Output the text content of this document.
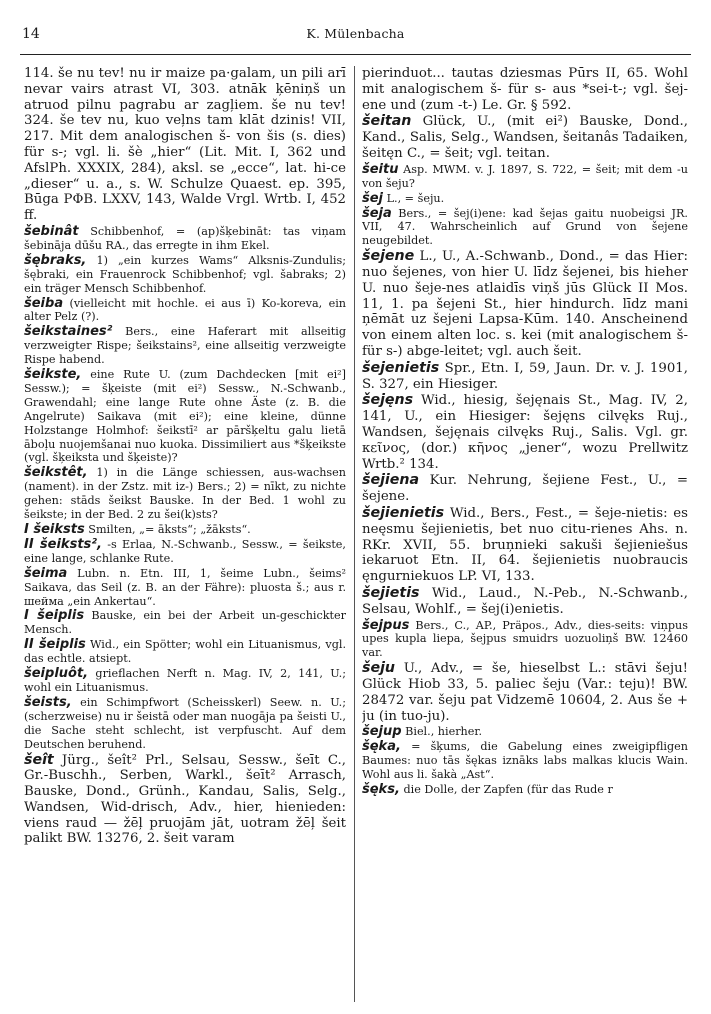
14	K. Mülenbacha

114. še nu tev! nu ir maize pa·galam, un pili arī nevar vairs atrast VI, 303. atnāk ķēniņš un atruod pilnu pagrabu ar zagļiem. še nu tev! 324. še tev nu, kuo veļns tam klāt dzinis! VII, 217. Mit dem analogischen š- von šis (s. dies) für s-; vgl. li. šè „hier“ (Lit. Mit. I, 362 und AfslPh. XXXIX, 284), aksl. se „ecce“, lat. hi-ce „dieser“ u. a., s. W. Schulze Quaest. ep. 395, Būga PΦB. LXXV, 143, Walde Vrgl. Wrtb. I, 452 ff.

šebinât Schibbenhof, = (ap)šķebināt: tas viņam šebināja dūšu RA., das erregte in ihm Ekel.

šębraks, 1) „ein kurzes Wams“ Alksnis-Zundulis; šębraki, ein Frauenrock Schibbenhof; vgl. šabraks; 2) ein träger Mensch Schibbenhof.

šeiba (vielleicht mit hochle. ei aus ī) Ko-koreva, ein alter Pelz (?).

šeikstaines² Bers., eine Haferart mit allseitig verzweigter Rispe; šeikstains², eine allseitig verzweigte Rispe habend.

šeikste, eine Rute U. (zum Dachdecken [mit ei²] Sessw.); = šķeiste (mit ei²) Sessw., N.-Schwanb., Grawendahl; eine lange Rute ohne Äste (z. B. die Angelrute) Saikava (mit ei²); eine kleine, dünne Holzstange Holmhof: šeikstī² ar pāršķeltu galu lietā āboļu nuojemšanai nuo kuoka. Dissimiliert aus *šķeikste (vgl. šķeiksta und šķeiste)?

šeikstêt, 1) in die Länge schiessen, aus-wachsen (nament). in der Zstz. mit iz-) Bers.; 2) = nīkt, zu nichte gehen: stāds šeikst Bauske. In der Bed. 1 wohl zu šeikste; in der Bed. 2 zu šei(k)sts?

I šeiksts Smilten, „= āksts“; „žāksts“.

II šeiksts², -s Erlaa, N.-Schwanb., Sessw., = šeikste, eine lange, schlanke Rute.

šeima Lubn. n. Etn. III, 1, šeime Lubn., šeims² Saikava, das Seil (z. B. an der Fähre): pluosta š.; aus r. шейма „ein Ankertau“.

I šeiplis Bauske, ein bei der Arbeit un-geschickter Mensch.

II šeiplis Wid., ein Spötter; wohl ein Lituanismus, vgl. das echtle. atsiept.

šeipluôt, grieflachen Nerft n. Mag. IV, 2, 141, U.; wohl ein Lituanismus.

šeists, ein Schimpfwort (Scheisskerl) Seew. n. U.; (scherzweise) nu ir šeistā oder man nuogāja pa šeisti U., die Sache steht schlecht, ist verpfuscht. Auf dem Deutschen beruhend.

šeît Jürg., šeît² Prl., Selsau, Sessw., šeīt C., Gr.-Buschh., Serben, Warkl., šeīt² Arrasch, Bauske, Dond., Grünh., Kandau, Salis, Selg., Wandsen, Wid-drisch, Adv., hier, hienieden: viens raud — žēļ pruojām jāt, uotram žēļ šeit palikt BW. 13276, 2. šeit varam

pierinduot... tautas dziesmas Pūrs II, 65. Wohl mit analogischem š- für s- aus *sei-t-; vgl. šej-ene und (zum -t-) Le. Gr. § 592.

šeitan Glück, U., (mit ei²) Bauske, Dond., Kand., Salis, Selg., Wandsen, šeitanâs Tadaiken, šeitęn C., = šeit; vgl. teitan.

šeitu Asp. MWM. v. J. 1897, S. 722, = šeit; mit dem -u von šeju?

šej L., = šeju.

šeja Bers., = šej(i)ene: kad šejas gaitu nuobeigsi JR. VII, 47. Wahrscheinlich auf Grund von šejene neugebildet.

šejene L., U., A.-Schwanb., Dond., = das Hier: nuo šejenes, von hier U. līdz šejenei, bis hieher U. nuo šeje-nes atlaidīs viņš jūs Glück II Mos. 11, 1. pa šejeni St., hier hindurch. līdz mani ņēmāt uz šejeni Lapsa-Kūm. 140. Anscheinend von einem alten loc. s. kei (mit analogischem š- für s-) abge-leitet; vgl. auch šeit.

šejenietis Spr., Etn. I, 59, Jaun. Dr. v. J. 1901, S. 327, ein Hiesiger.

šejęns Wid., hiesig, šejęnais St., Mag. IV, 2, 141, U., ein Hiesiger: šejęns cilvęks Ruj., Wandsen, šejęnais cilvęks Ruj., Salis. Vgl. gr. κεῖνος, (dor.) κῆνος „jener“, wozu Prellwitz Wrtb.² 134.

šejiena Kur. Nehrung, šejiene Fest., U., = šejene.

šejienietis Wid., Bers., Fest., = šeje-nietis: es neęsmu šejienietis, bet nuo citu-rienes Ahs. n. RKr. XVII, 55. bruņnieki sakuši šejieniešus iekaruot Etn. II, 64. šejienietis nuobraucis ęngurniekuos LP. VI, 133.

šejietis Wid., Laud., N.-Peb., N.-Schwanb., Selsau, Wohlf., = šej(i)enietis.

šejpus Bers., C., AP., Präpos., Adv., dies-seits: viņpus upes kupla liepa, šejpus smuidrs uozuoliņš BW. 12460 var.

šeju U., Adv., = še, hieselbst L.: stāvi šeju! Glück Hiob 33, 5. paliec šeju (Var.: teju)! BW. 28472 var. šeju pat Vidzemē 10604, 2. Aus še + ju (in tuo-ju).

šejup Biel., hierher.

šęka, = šķums, die Gabelung eines zweigipfligen Baumes: nuo tās šękas iznāks labs malkas klucis Wain. Wohl aus li. šakà „Ast“.

šęks, die Dolle, der Zapfen (für das Rude r
